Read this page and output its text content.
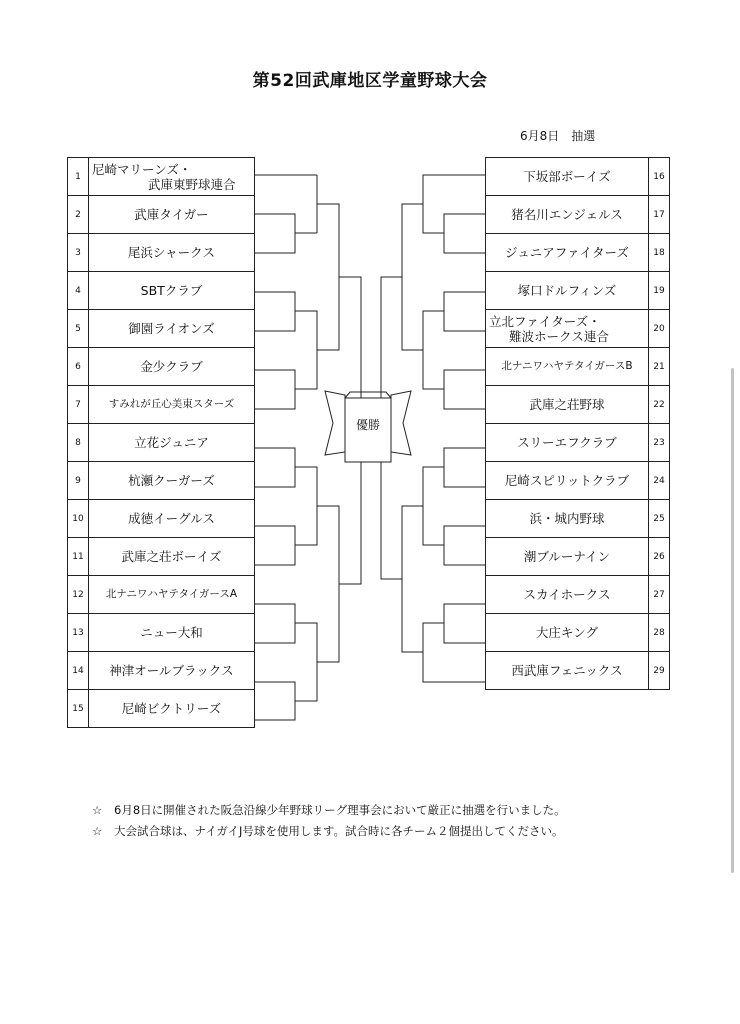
第52回武庫地区学童野球大会
6月8日　抽選
優勝
1	尼崎マリーンズ・
武庫東野球連合

2	武庫タイガー
3	尾浜シャークス
4	SBTクラブ
5	御園ライオンズ
6	金少クラブ
7	すみれが丘心美東スターズ
8	立花ジュニア
9	杭瀬クーガーズ
10	成徳イーグルス
11	武庫之荘ボーイズ
12	北ナニワハヤテタイガースA
13	ニュー大和
14	神津オールブラックス
15	尼崎ビクトリーズ
下坂部ボーイズ	16
猪名川エンジェルス	17
ジュニアファイターズ	18
塚口ドルフィンズ	19

立北ファイターズ・
難波ホークス連合	20
北ナニワハヤテタイガースB	21
武庫之荘野球	22
スリーエフクラブ	23
尼崎スピリットクラブ	24
浜・城内野球	25
潮ブルーナイン	26
スカイホークス	27
大庄キング	28
西武庫フェニックス	29
☆ 6月8日に開催された阪急沿線少年野球リーグ理事会において厳正に抽選を行いました。
☆ 大会試合球は、ナイガイJ号球を使用します。試合時に各チーム２個提出してください。
